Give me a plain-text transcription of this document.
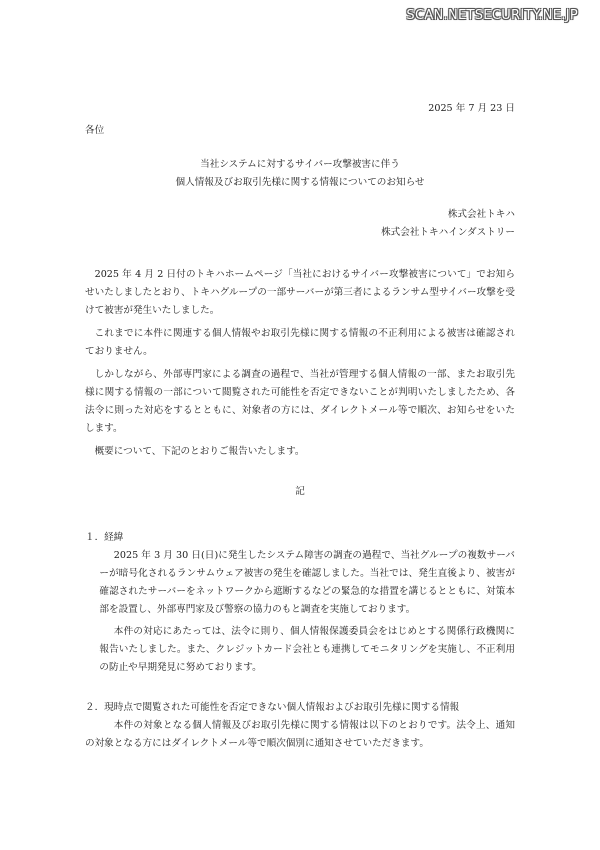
SCAN.NETSECURITY.NE.JP

2025 年 7 月 23 日

各位

当社システムに対するサイバー攻撃被害に伴う

個人情報及びお取引先様に関する情報についてのお知らせ

株式会社トキハ

株式会社トキハインダストリー

2025 年 4 月 2 日付のトキハホームページ「当社におけるサイバー攻撃被害について」でお知らせいたしましたとおり、トキハグループの一部サーバーが第三者によるランサム型サイバー攻撃を受けて被害が発生いたしました。

これまでに本件に関連する個人情報やお取引先様に関する情報の不正利用による被害は確認されておりません。

しかしながら、外部専門家による調査の過程で、当社が管理する個人情報の一部、またお取引先様に関する情報の一部について閲覧された可能性を否定できないことが判明いたしましたため、各法令に則った対応をするとともに、対象者の方には、ダイレクトメール等で順次、お知らせをいたします。

概要について、下記のとおりご報告いたします。

記

１．経緯

2025 年 3 月 30 日(日)に発生したシステム障害の調査の過程で、当社グループの複数サーバーが暗号化されるランサムウェア被害の発生を確認しました。当社では、発生直後より、被害が確認されたサーバーをネットワークから遮断するなどの緊急的な措置を講じるとともに、対策本部を設置し、外部専門家及び警察の協力のもと調査を実施しております。

本件の対応にあたっては、法令に則り、個人情報保護委員会をはじめとする関係行政機関に報告いたしました。また、クレジットカード会社とも連携してモニタリングを実施し、不正利用の防止や早期発見に努めております。

２．現時点で閲覧された可能性を否定できない個人情報およびお取引先様に関する情報

本件の対象となる個人情報及びお取引先様に関する情報は以下のとおりです。法令上、通知の対象となる方にはダイレクトメール等で順次個別に通知させていただきます。
